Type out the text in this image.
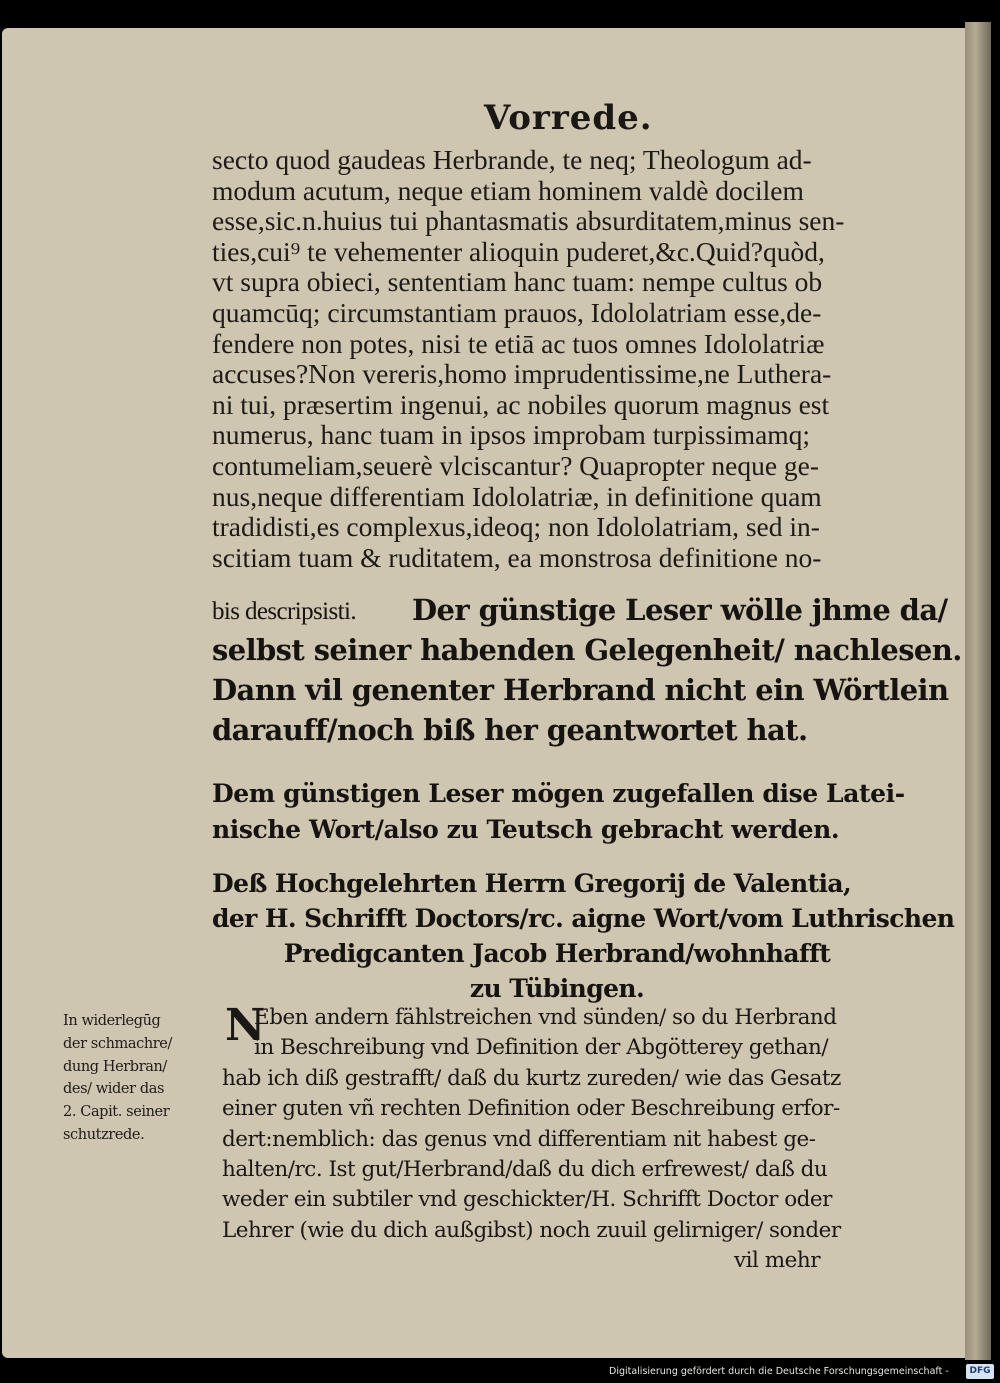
Vorrede.
secto quod gaudeas Herbrande, te neq; Theologum ad-
modum acutum, neque etiam hominem valdè docilem
esse,sic.n.huius tui phantasmatis absurditatem,minus sen-
ties,cui⁹ te vehementer alioquin puderet,&c.Quid?quòd,
vt supra obieci, sententiam hanc tuam: nempe cultus ob
quamcūq; circumstantiam prauos, Idololatriam esse,de-
fendere non potes, nisi te etiā ac tuos omnes Idololatriæ
accuses?Non vereris,homo imprudentissime,ne Luthera-
ni tui, præsertim ingenui, ac nobiles quorum magnus est
numerus, hanc tuam in ipsos improbam turpissimamq;
contumeliam,seuerè vlciscantur? Quapropter neque ge-
nus,neque differentiam Idololatriæ, in definitione quam
tradidisti,es complexus,ideoq; non Idololatriam, sed in-
scitiam tuam & ruditatem, ea monstrosa definitione no-
bis descripsisti.	Der günstige Leser wölle jhme da/
selbst seiner habenden Gelegenheit/ nachlesen.
Dann vil genenter Herbrand nicht ein Wörtlein
darauff/noch biß her geantwortet hat.
Dem günstigen Leser mögen zugefallen dise Latei-
nische Wort/also zu Teutsch gebracht werden.
Deß Hochgelehrten Herrn Gregorij de Valentia,
der H. Schrifft Doctors/rc. aigne Wort/vom Luthrischen
Predigcanten Jacob Herbrand/wohnhafft
zu Tübingen.
N
Eben andern fählstreichen vnd sünden/ so du Herbrand
in Beschreibung vnd Definition der Abgötterey gethan/
hab ich diß gestrafft/ daß du kurtz zureden/ wie das Gesatz
einer guten vñ rechten Definition oder Beschreibung erfor-
dert:nemblich: das genus vnd differentiam nit habest ge-
halten/rc. Ist gut/Herbrand/daß du dich erfrewest/ daß du
weder ein subtiler vnd geschickter/H. Schrifft Doctor oder
Lehrer (wie du dich außgibst) noch zuuil gelirniger/ sonder
vil mehr
In widerlegūg
der schmachre/
dung Herbran/
des/ wider das
2. Capit. seiner
schutzrede.
Digitalisierung gefördert durch die Deutsche Forschungsgemeinschaft -	DFG
